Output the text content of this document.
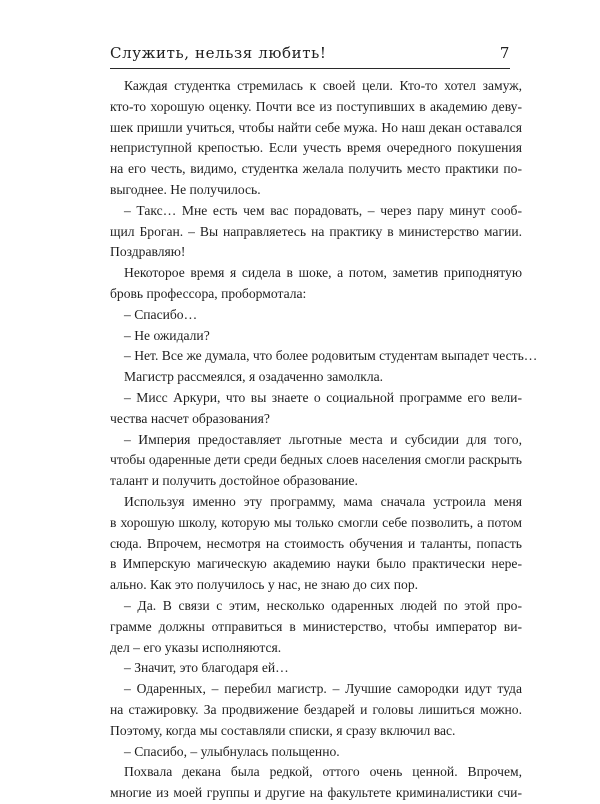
Служить, нельзя любить!	7
Каждая студентка стремилась к своей цели. Кто-то хотел замуж,
кто-то хорошую оценку. Почти все из поступивших в академию деву-
шек пришли учиться, чтобы найти себе мужа. Но наш декан оставался
неприступной крепостью. Если учесть время очередного покушения
на его честь, видимо, студентка желала получить место практики по-
выгоднее. Не получилось.
– Такс… Мне есть чем вас порадовать, – через пару минут сооб-
щил Броган. – Вы направляетесь на практику в министерство магии.
Поздравляю!
Некоторое время я сидела в шоке, а потом, заметив приподнятую
бровь профессора, пробормотала:
– Спасибо…
– Не ожидали?
– Нет. Все же думала, что более родовитым студентам выпадет честь…
Магистр рассмеялся, я озадаченно замолкла.
– Мисс Аркури, что вы знаете о социальной программе его вели-
чества насчет образования?
– Империя предоставляет льготные места и субсидии для того,
чтобы одаренные дети среди бедных слоев населения смогли раскрыть
талант и получить достойное образование.
Используя именно эту программу, мама сначала устроила меня
в хорошую школу, которую мы только смогли себе позволить, а потом
сюда. Впрочем, несмотря на стоимость обучения и таланты, попасть
в Имперскую магическую академию науки было практически нере-
ально. Как это получилось у нас, не знаю до сих пор.
– Да. В связи с этим, несколько одаренных людей по этой про-
грамме должны отправиться в министерство, чтобы император ви-
дел – его указы исполняются.
– Значит, это благодаря ей…
– Одаренных, – перебил магистр. – Лучшие самородки идут туда
на стажировку. За продвижение бездарей и головы лишиться можно.
Поэтому, когда мы составляли списки, я сразу включил вас.
– Спасибо, – улыбнулась польщенно.
Похвала декана была редкой, оттого очень ценной. Впрочем,
многие из моей группы и другие на факультете криминалистики счи-
